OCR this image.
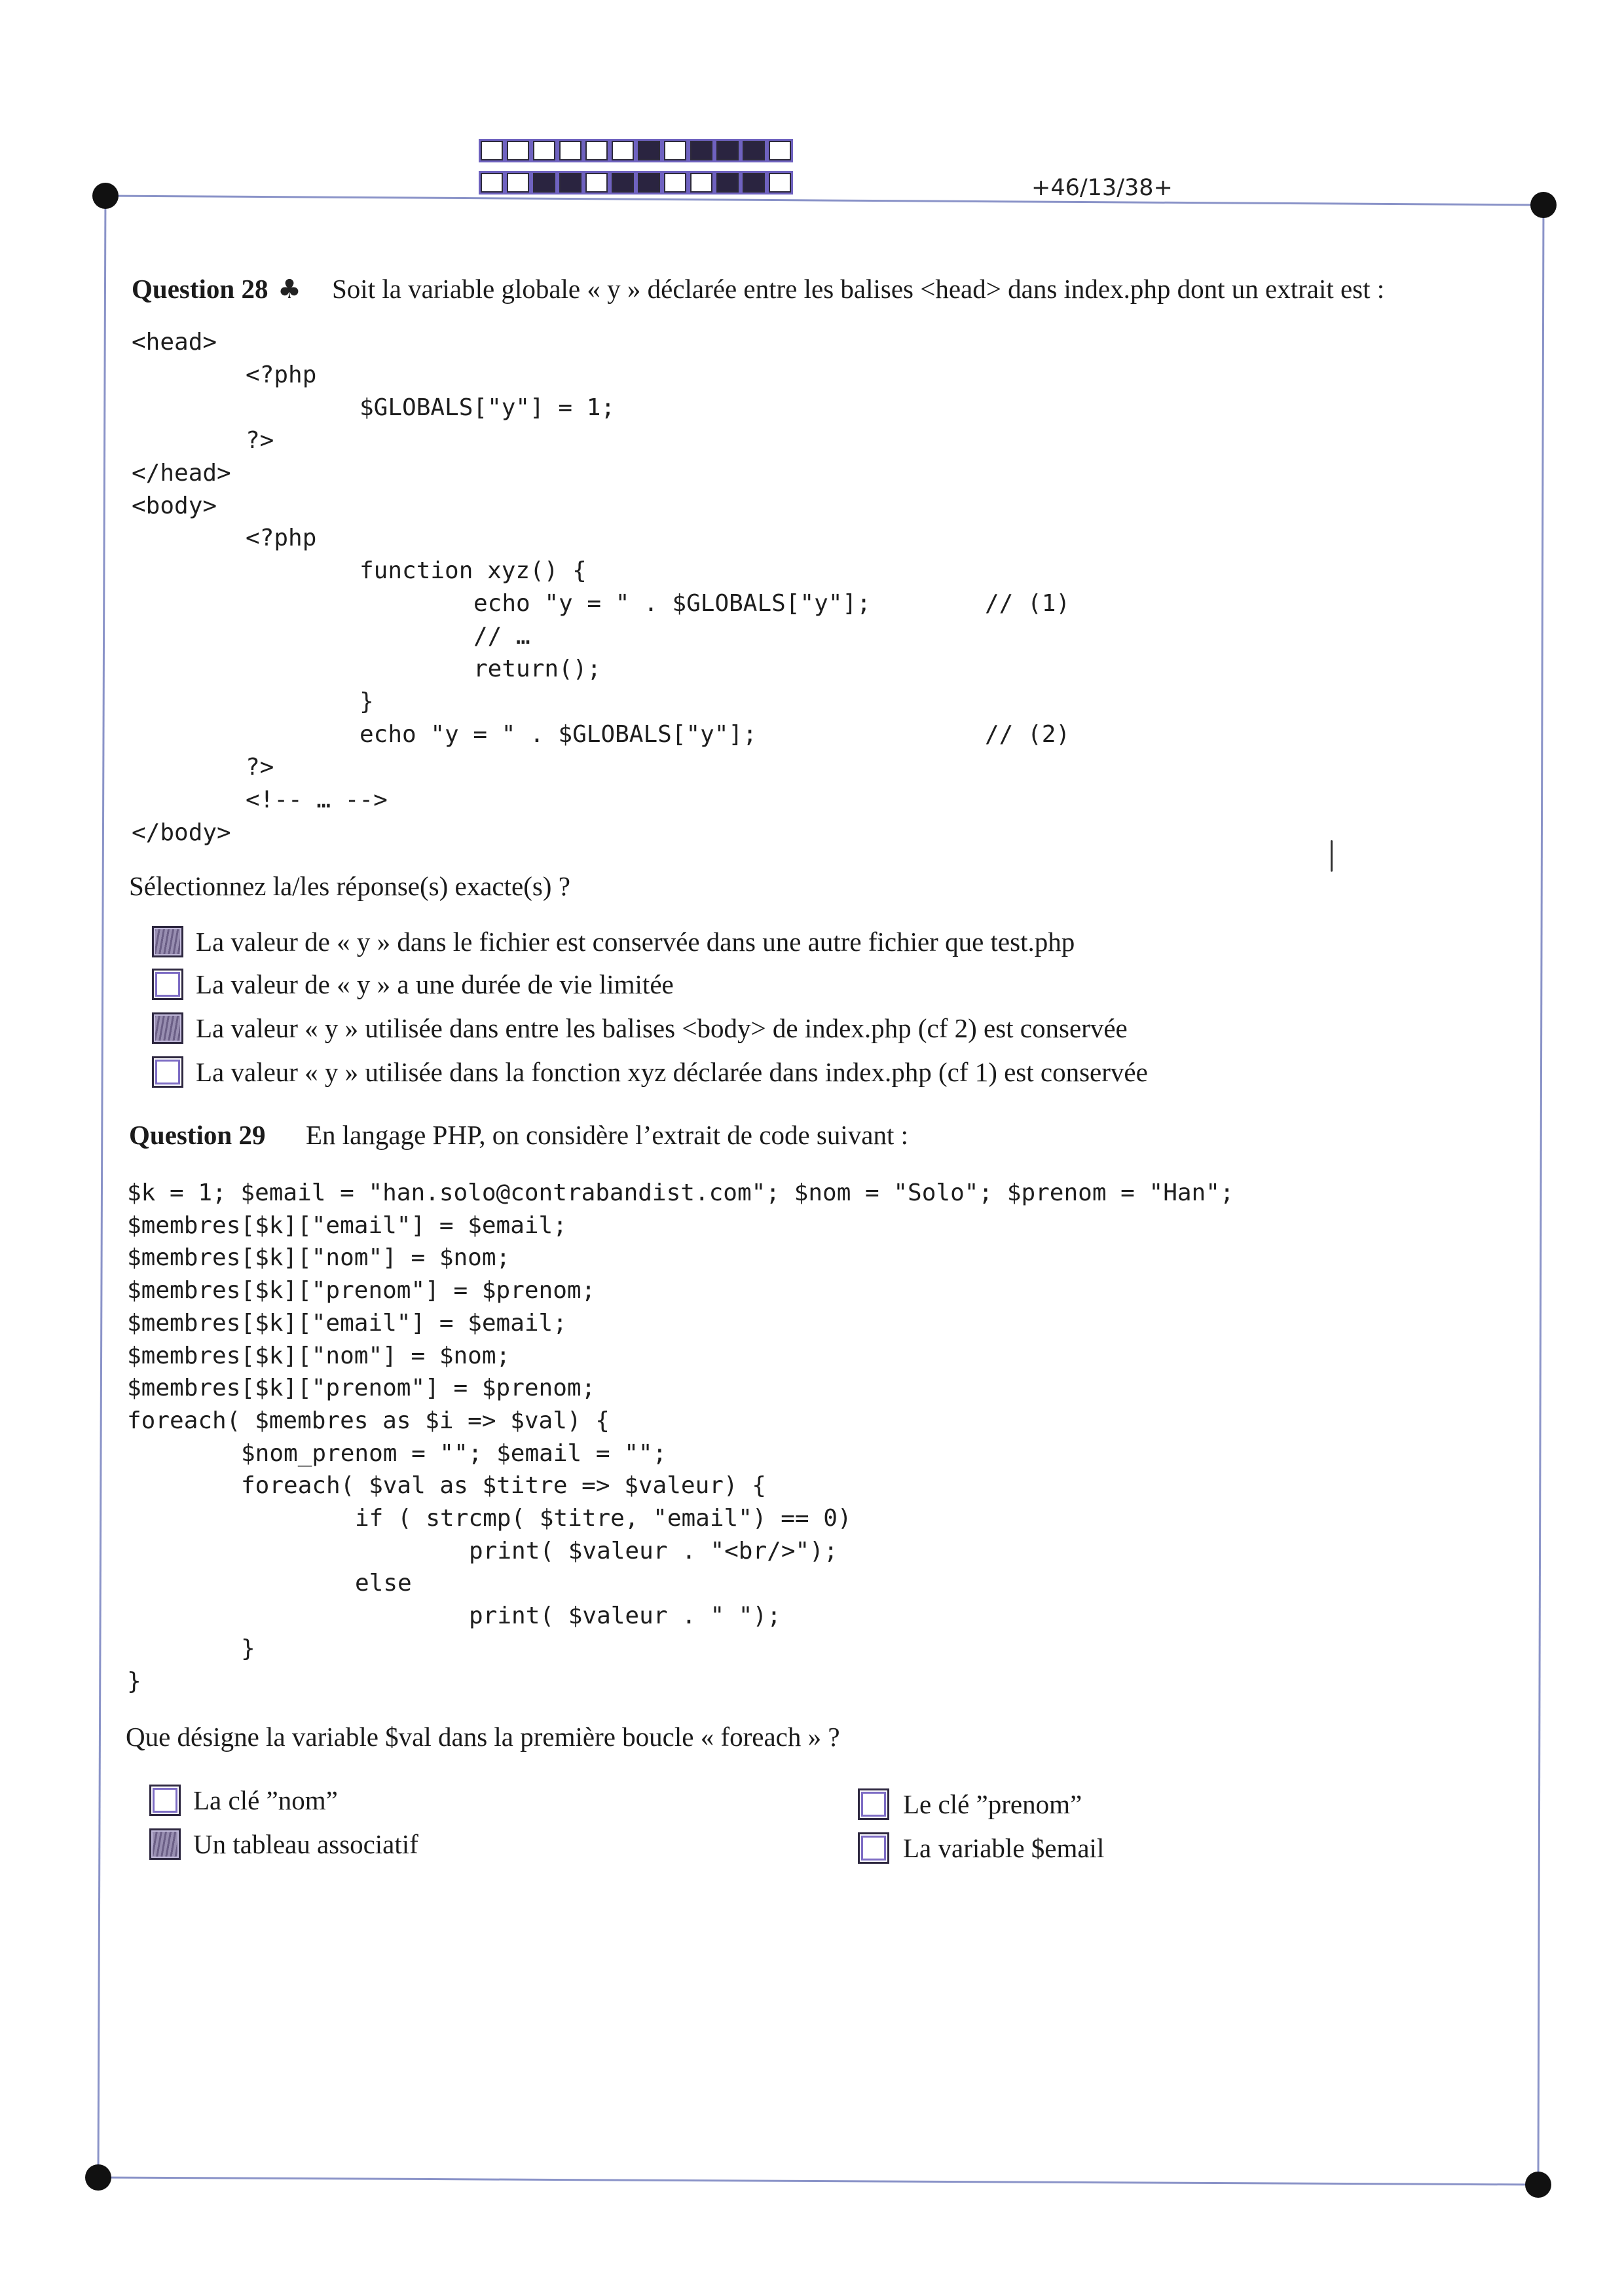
+46/13/38+
Question 28 ♣ Soit la variable globale « y » déclarée entre les balises <head> dans index.php dont un extrait est :
<head>
<?php
$GLOBALS["y"] = 1;
?>
</head>
<body>
<?php
function xyz() {
echo "y = " . $GLOBALS["y"];	// (1)
// …
return();
}
echo "y = " . $GLOBALS["y"];	// (2)
?>
<!-- … -->
</body>
Sélectionnez la/les réponse(s) exacte(s) ?
La valeur de « y » dans le fichier est conservée dans une autre fichier que test.php
La valeur de « y » a une durée de vie limitée
La valeur « y » utilisée dans entre les balises <body> de index.php (cf 2) est conservée
La valeur « y » utilisée dans la fonction xyz déclarée dans index.php (cf 1) est conservée
Question 29 En langage PHP, on considère l’extrait de code suivant :
$k = 1; $email = "han.solo@contrabandist.com"; $nom = "Solo"; $prenom = "Han";
$membres[$k]["email"] = $email;
$membres[$k]["nom"] = $nom;
$membres[$k]["prenom"] = $prenom;
$membres[$k]["email"] = $email;
$membres[$k]["nom"] = $nom;
$membres[$k]["prenom"] = $prenom;
foreach( $membres as $i => $val) {
$nom_prenom = ""; $email = "";
foreach( $val as $titre => $valeur) {
if ( strcmp( $titre, "email") == 0)
print( $valeur . "<br/>");
else
print( $valeur . " ");
}
}
Que désigne la variable $val dans la première boucle « foreach » ?
La clé ”nom”
Un tableau associatif
Le clé ”prenom”
La variable $email
